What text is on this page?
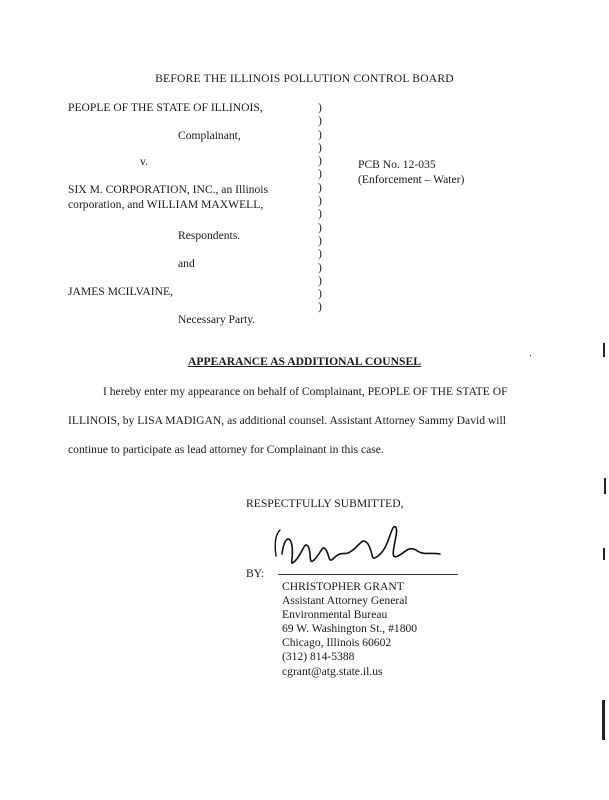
BEFORE THE ILLINOIS POLLUTION CONTROL BOARD
PEOPLE OF THE STATE OF ILLINOIS,
Complainant,
v.
SIX M. CORPORATION, INC., an Illinois
corporation, and WILLIAM MAXWELL,
Respondents.
and
JAMES MCILVAINE,
Necessary Party.
)
)
)
)
)
)
)
)
)
)
)
)
)
)
)
)
PCB No. 12-035
(Enforcement – Water)
APPEARANCE AS ADDITIONAL COUNSEL
I hereby enter my appearance on behalf of Complainant, PEOPLE OF THE STATE OF
ILLINOIS, by LISA MADIGAN, as additional counsel. Assistant Attorney Sammy David will
continue to participate as lead attorney for Complainant in this case.
RESPECTFULLY SUBMITTED,
BY:
CHRISTOPHER GRANT
Assistant Attorney General
Environmental Bureau
69 W. Washington St., #1800
Chicago, Illinois 60602
(312) 814-5388
cgrant@atg.state.il.us
